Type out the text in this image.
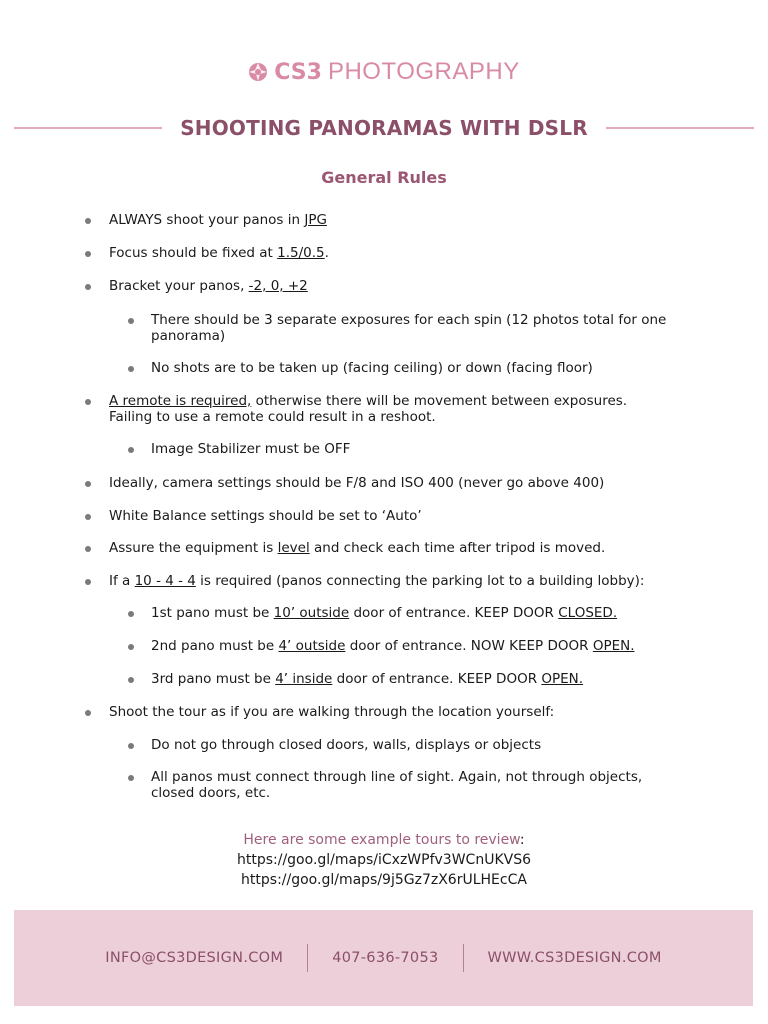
CS3 PHOTOGRAPHY
SHOOTING PANORAMAS WITH DSLR
General Rules
ALWAYS shoot your panos in JPG
Focus should be fixed at 1.5/0.5.
Bracket your panos, -2, 0, +2
There should be 3 separate exposures for each spin (12 photos total for one panorama)
No shots are to be taken up (facing ceiling) or down (facing floor)
A remote is required, otherwise there will be movement between exposures. Failing to use a remote could result in a reshoot.
Image Stabilizer must be OFF
Ideally, camera settings should be F/8 and ISO 400 (never go above 400)
White Balance settings should be set to ‘Auto’
Assure the equipment is level and check each time after tripod is moved.
If a 10 - 4 - 4 is required (panos connecting the parking lot to a building lobby):
1st pano must be 10’ outside door of entrance. KEEP DOOR CLOSED.
2nd pano must be 4’ outside door of entrance. NOW KEEP DOOR OPEN.
3rd pano must be 4’ inside door of entrance. KEEP DOOR OPEN.
Shoot the tour as if you are walking through the location yourself:
Do not go through closed doors, walls, displays or objects
All panos must connect through line of sight. Again, not through objects, closed doors, etc.
Here are some example tours to review:
https://goo.gl/maps/iCxzWPfv3WCnUKVS6
https://goo.gl/maps/9j5Gz7zX6rULHEcCA
INFO@CS3DESIGN.COM	407-636-7053	WWW.CS3DESIGN.COM
